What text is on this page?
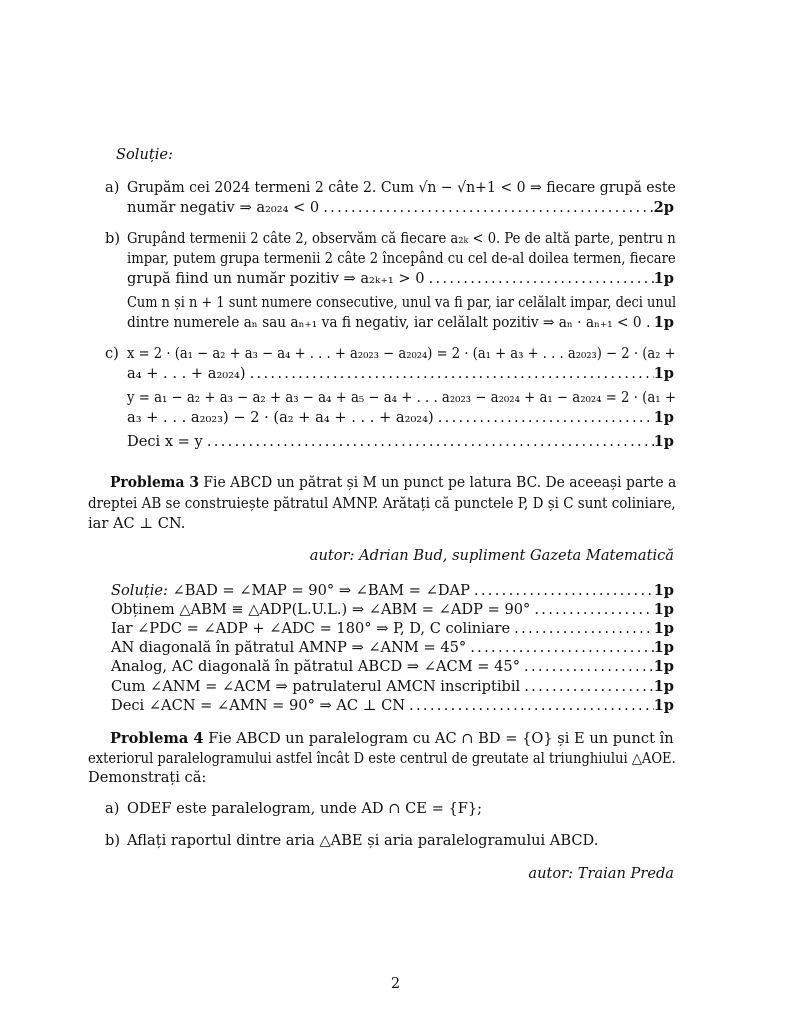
Soluție:
a) Grupăm cei 2024 termeni 2 câte 2. Cum √n − √n+1 < 0 ⇒ fiecare grupă este
număr negativ ⇒ a₂₀₂₄ < 0 .....	2p
b) Grupând termenii 2 câte 2, observăm că fiecare a₂ₖ < 0. Pe de altă parte, pentru n
impar, putem grupa termenii 2 câte 2 începând cu cel de-al doilea termen, fiecare
grupă fiind un număr pozitiv ⇒ a₂ₖ₊₁ > 0 .....	1p
Cum n și n + 1 sunt numere consecutive, unul va fi par, iar celălalt impar, deci unul
dintre numerele aₙ sau aₙ₊₁ va fi negativ, iar celălalt pozitiv ⇒ aₙ · aₙ₊₁ < 0 ..... 1p
c) x = 2 · (a₁ − a₂ + a₃ − a₄ + . . . + a₂₀₂₃ − a₂₀₂₄) = 2 · (a₁ + a₃ + . . . a₂₀₂₃) − 2 · (a₂ +
a₄ + . . . + a₂₀₂₄) .....	1p
y = a₁ − a₂ + a₃ − a₂ + a₃ − a₄ + a₅ − a₄ + . . . a₂₀₂₃ − a₂₀₂₄ + a₁ − a₂₀₂₄ = 2 · (a₁ +
a₃ + . . . a₂₀₂₃) − 2 · (a₂ + a₄ + . . . + a₂₀₂₄) .....	1p
Deci x = y .....	1p
Problema 3 Fie ABCD un pătrat și M un punct pe latura BC. De aceeași parte a
dreptei AB se construiește pătratul AMNP. Arătați că punctele P, D și C sunt coliniare,
iar AC ⊥ CN.
autor: Adrian Bud, supliment Gazeta Matematică
Soluție: ∠BAD = ∠MAP = 90° ⇒ ∠BAM = ∠DAP .....	1p
Obținem △ABM ≡ △ADP(L.U.L.) ⇒ ∠ABM = ∠ADP = 90° .....	1p
Iar ∠PDC = ∠ADP + ∠ADC = 180° ⇒ P, D, C coliniare .....	1p
AN diagonală în pătratul AMNP ⇒ ∠ANM = 45° .....	1p
Analog, AC diagonală în pătratul ABCD ⇒ ∠ACM = 45° .....	1p
Cum ∠ANM = ∠ACM ⇒ patrulaterul AMCN inscriptibil .....	1p
Deci ∠ACN = ∠AMN = 90° ⇒ AC ⊥ CN .....	1p
Problema 4 Fie ABCD un paralelogram cu AC ∩ BD = {O} și E un punct în
exteriorul paralelogramului astfel încât D este centrul de greutate al triunghiului △AOE.
Demonstrați că:
a) ODEF este paralelogram, unde AD ∩ CE = {F};
b) Aflați raportul dintre aria △ABE și aria paralelogramului ABCD.
autor: Traian Preda
2
